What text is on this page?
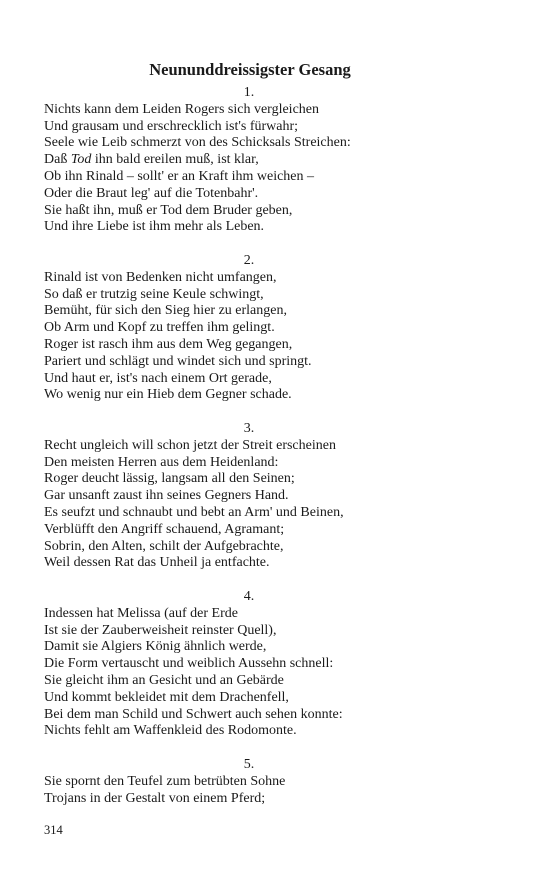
Neununddreissigster Gesang
1.
Nichts kann dem Leiden Rogers sich vergleichen
Und grausam und erschrecklich ist's fürwahr;
Seele wie Leib schmerzt von des Schicksals Streichen:
Daß Tod ihn bald ereilen muß, ist klar,
Ob ihn Rinald – sollt' er an Kraft ihm weichen –
Oder die Braut leg' auf die Totenbahr'.
Sie haßt ihn, muß er Tod dem Bruder geben,
Und ihre Liebe ist ihm mehr als Leben.
2.
Rinald ist von Bedenken nicht umfangen,
So daß er trutzig seine Keule schwingt,
Bemüht, für sich den Sieg hier zu erlangen,
Ob Arm und Kopf zu treffen ihm gelingt.
Roger ist rasch ihm aus dem Weg gegangen,
Pariert und schlägt und windet sich und springt.
Und haut er, ist's nach einem Ort gerade,
Wo wenig nur ein Hieb dem Gegner schade.
3.
Recht ungleich will schon jetzt der Streit erscheinen
Den meisten Herren aus dem Heidenland:
Roger deucht lässig, langsam all den Seinen;
Gar unsanft zaust ihn seines Gegners Hand.
Es seufzt und schnaubt und bebt an Arm' und Beinen,
Verblüfft den Angriff schauend, Agramant;
Sobrin, den Alten, schilt der Aufgebrachte,
Weil dessen Rat das Unheil ja entfachte.
4.
Indessen hat Melissa (auf der Erde
Ist sie der Zauberweisheit reinster Quell),
Damit sie Algiers König ähnlich werde,
Die Form vertauscht und weiblich Aussehn schnell:
Sie gleicht ihm an Gesicht und an Gebärde
Und kommt bekleidet mit dem Drachenfell,
Bei dem man Schild und Schwert auch sehen konnte:
Nichts fehlt am Waffenkleid des Rodomonte.
5.
Sie spornt den Teufel zum betrübten Sohne
Trojans in der Gestalt von einem Pferd;
314
